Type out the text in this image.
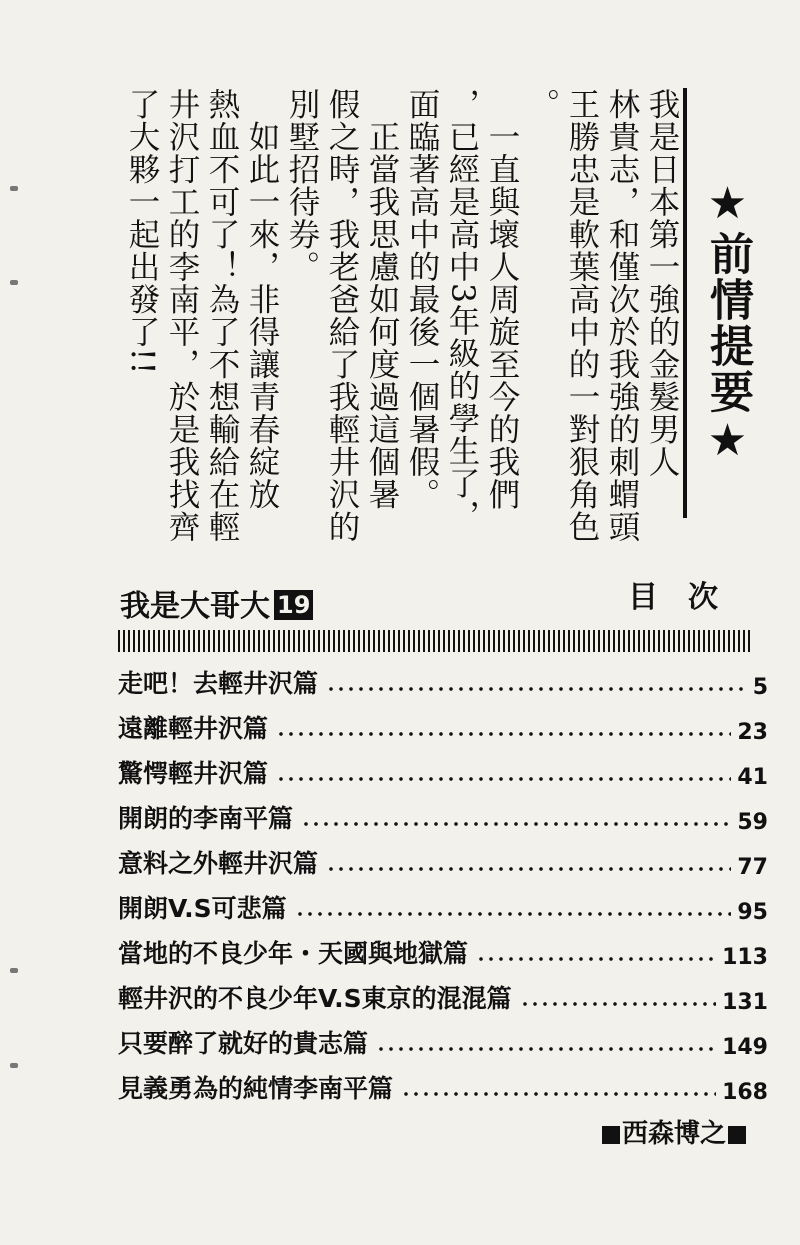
★前情提要★
我是日本第一強的金髮男人
林貴志，和僅次於我強的刺蝟頭
王勝忠是軟葉高中的一對狠角色
。
　一直與壞人周旋至今的我們
，已經是高中3年級的學生了，
面臨著高中的最後一個暑假。
　正當我思慮如何度過這個暑
假之時，我老爸給了我輕井沢的
別墅招待券。
　如此一來，非得讓青春綻放
熱血不可了！為了不想輸給在輕
井沢打工的李南平，於是我找齊
了大夥一起出發了!!
我是大哥大 19	目次
走吧！去輕井沢篇	5
遠離輕井沢篇	23
驚愕輕井沢篇	41
開朗的李南平篇	59
意料之外輕井沢篇	77
開朗V.S可悲篇	95
當地的不良少年・天國與地獄篇	113
輕井沢的不良少年V.S東京的混混篇	131
只要醉了就好的貴志篇	149
見義勇為的純情李南平篇	168
西森博之
